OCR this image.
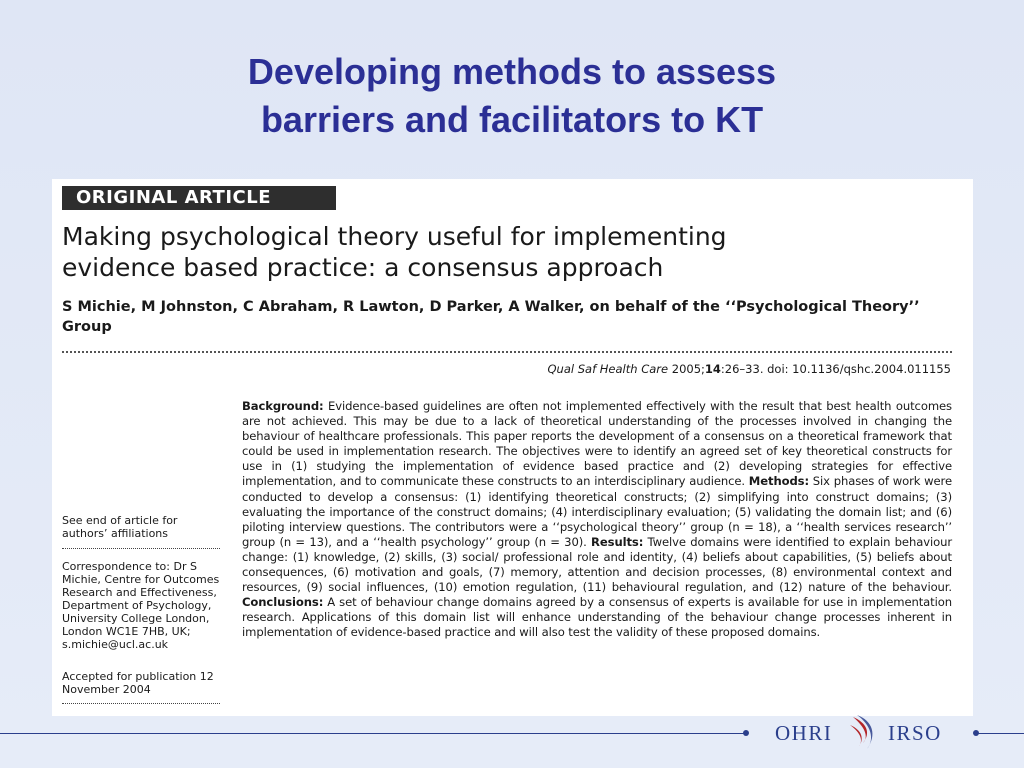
Developing methods to assess
barriers and facilitators to KT
ORIGINAL ARTICLE
Making psychological theory useful for implementing
evidence based practice: a consensus approach
S Michie, M Johnston, C Abraham, R Lawton, D Parker, A Walker, on behalf of the ‘‘Psychological Theory’’ Group
Qual Saf Health Care 2005;14:26–33. doi: 10.1136/qshc.2004.011155
See end of article for authors’ affiliations
Correspondence to: Dr S Michie, Centre for Outcomes Research and Effectiveness, Department of Psychology, University College London, London WC1E 7HB, UK; s.michie@ucl.ac.uk
Accepted for publication 12 November 2004
Background: Evidence-based guidelines are often not implemented effectively with the result that best health outcomes are not achieved. This may be due to a lack of theoretical understanding of the processes involved in changing the behaviour of healthcare professionals. This paper reports the development of a consensus on a theoretical framework that could be used in implementation research. The objectives were to identify an agreed set of key theoretical constructs for use in (1) studying the implementation of evidence based practice and (2) developing strategies for effective implementation, and to communicate these constructs to an interdisciplinary audience. Methods: Six phases of work were conducted to develop a consensus: (1) identifying theoretical constructs; (2) simplifying into construct domains; (3) evaluating the importance of the construct domains; (4) interdisciplinary evaluation; (5) validating the domain list; and (6) piloting interview questions. The contributors were a ‘‘psychological theory’’ group (n = 18), a ‘‘health services research’’ group (n = 13), and a ‘‘health psychology’’ group (n = 30). Results: Twelve domains were identified to explain behaviour change: (1) knowledge, (2) skills, (3) social/ professional role and identity, (4) beliefs about capabilities, (5) beliefs about consequences, (6) motivation and goals, (7) memory, attention and decision processes, (8) environmental context and resources, (9) social influences, (10) emotion regulation, (11) behavioural regulation, and (12) nature of the behaviour. Conclusions: A set of behaviour change domains agreed by a consensus of experts is available for use in implementation research. Applications of this domain list will enhance understanding of the behaviour change processes inherent in implementation of evidence-based practice and will also test the validity of these proposed domains.
OHRI	IRSO
